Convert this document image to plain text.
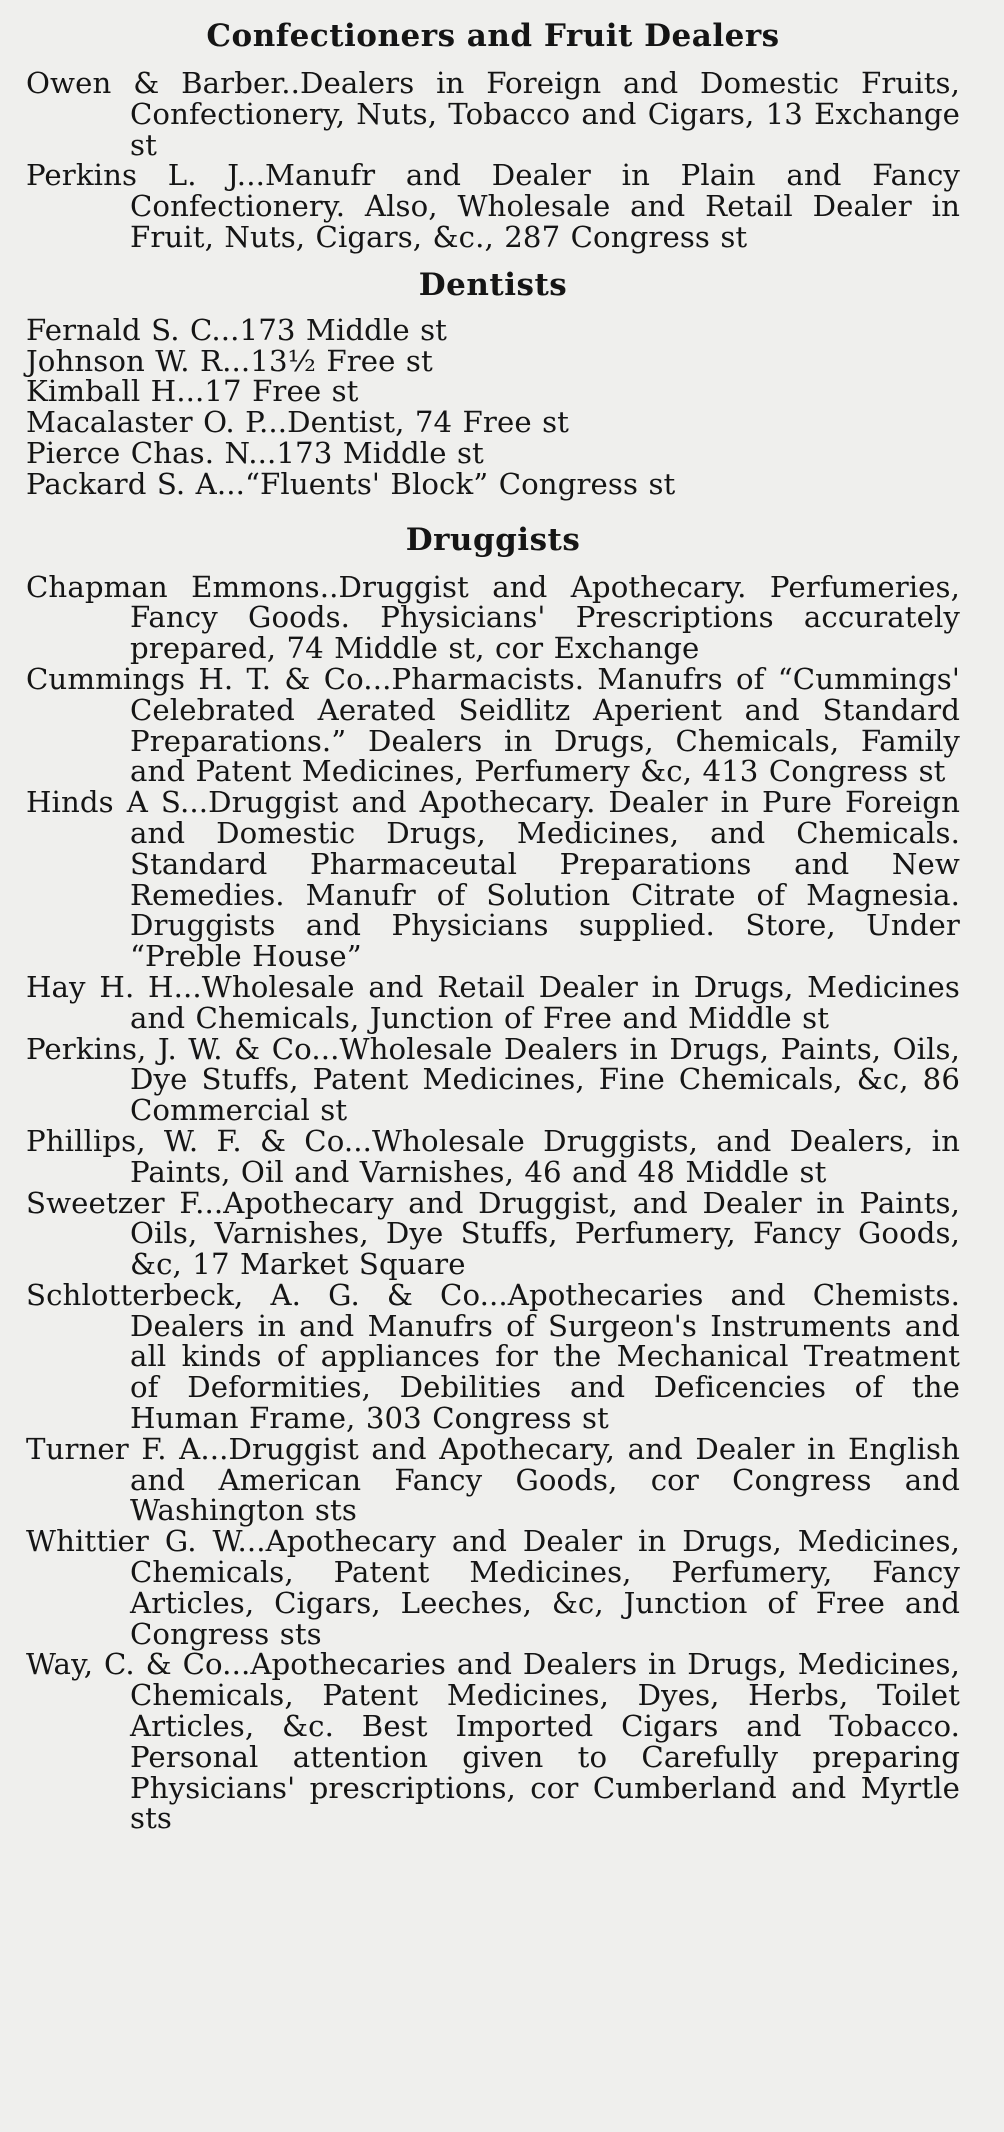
Confectioners and Fruit Dealers

Owen & Barber..Dealers in Foreign and Domestic Fruits, Confectionery, Nuts, Tobacco and Cigars, 13 Exchange st

Perkins L. J...Manufr and Dealer in Plain and Fancy Confectionery. Also, Wholesale and Retail Dealer in Fruit, Nuts, Cigars, &c., 287 Congress st

Dentists

Fernald S. C...173 Middle st

Johnson W. R...13½ Free st

Kimball H...17 Free st

Macalaster O. P...Dentist, 74 Free st

Pierce Chas. N...173 Middle st

Packard S. A...“Fluents' Block” Congress st

Druggists

Chapman Emmons..Druggist and Apothecary. Perfumeries, Fancy Goods. Physicians' Prescriptions accurately prepared, 74 Middle st, cor Exchange

Cummings H. T. & Co...Pharmacists. Manufrs of “Cummings' Celebrated Aerated Seidlitz Aperient and Standard Preparations.” Dealers in Drugs, Chemicals, Family and Patent Medicines, Perfumery &c, 413 Congress st

Hinds A S...Druggist and Apothecary. Dealer in Pure Foreign and Domestic Drugs, Medicines, and Chemicals. Standard Pharmaceutal Preparations and New Remedies. Manufr of Solution Citrate of Magnesia. Druggists and Physicians supplied. Store, Under “Preble House”

Hay H. H...Wholesale and Retail Dealer in Drugs, Medicines and Chemicals, Junction of Free and Middle st

Perkins, J. W. & Co...Wholesale Dealers in Drugs, Paints, Oils, Dye Stuffs, Patent Medicines, Fine Chemicals, &c, 86 Commercial st

Phillips, W. F. & Co...Wholesale Druggists, and Dealers, in Paints, Oil and Varnishes, 46 and 48 Middle st

Sweetzer F...Apothecary and Druggist, and Dealer in Paints, Oils, Varnishes, Dye Stuffs, Perfumery, Fancy Goods, &c, 17 Market Square

Schlotterbeck, A. G. & Co...Apothecaries and Chemists. Dealers in and Manufrs of Surgeon's Instruments and all kinds of appliances for the Mechanical Treatment of Deformities, Debilities and Deficencies of the Human Frame, 303 Congress st

Turner F. A...Druggist and Apothecary, and Dealer in English and American Fancy Goods, cor Congress and Washington sts

Whittier G. W...Apothecary and Dealer in Drugs, Medicines, Chemicals, Patent Medicines, Perfumery, Fancy Articles, Cigars, Leeches, &c, Junction of Free and Congress sts

Way, C. & Co...Apothecaries and Dealers in Drugs, Medicines, Chemicals, Patent Medicines, Dyes, Herbs, Toilet Articles, &c. Best Imported Cigars and Tobacco. Personal attention given to Carefully preparing Physicians' prescriptions, cor Cumberland and Myrtle sts
